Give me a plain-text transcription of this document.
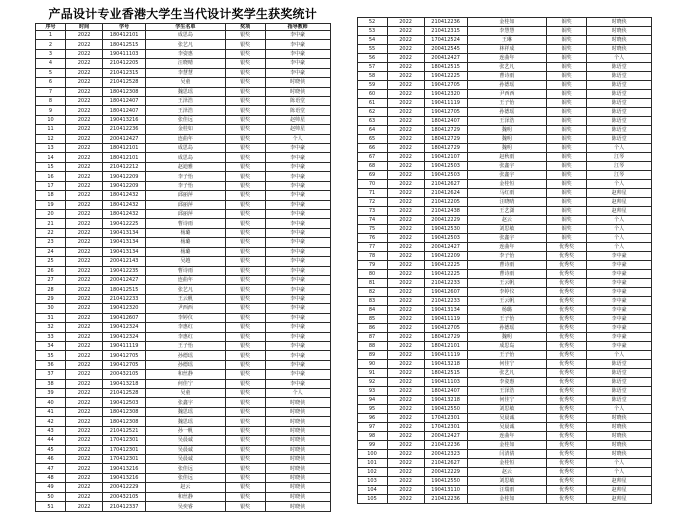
产品设计专业香港大学生当代设计奖学生获奖统计
序号	时间	学号	学生名单	奖项	指导教师
1	2022	180412101	成思岛	银奖	李中豪
2	2022	180412515	张艺凡	银奖	李中豪
3	2022	190411103	李姿惠	银奖	李中豪
4	2022	210412205	汪晓晴	银奖	李中豪
5	2022	210412315	李慧慧	银奖	李中豪
6	2022	210412528	吴童	银奖	时晓侠
7	2022	180412308	魏思瑶	银奖	时晓侠
8	2022	180412407	王泽浩	银奖	陈语堂
9	2022	180412407	王泽浩	银奖	陈语堂
10	2022	190413216	张佳远	银奖	赵帅星
11	2022	210412236	金桂如	银奖	赵帅星
12	2022	200412427	连曲年	银奖	个人
13	2022	180412101	成思岛	银奖	李中豪
14	2022	180412101	成思岛	银奖	李中豪
15	2022	210412212	赵迪雅	银奖	李中豪
16	2022	190412209	李子怡	银奖	李中豪
17	2022	190412209	李子怡	银奖	李中豪
18	2022	180412432	邱丽萍	银奖	李中豪
19	2022	180412432	邱丽萍	银奖	李中豪
20	2022	180412432	邱丽萍	银奖	李中豪
21	2022	190412225	曹诗雨	银奖	李中豪
22	2022	190413134	杨璐	银奖	李中豪
23	2022	190413134	杨璐	银奖	李中豪
24	2022	190413134	杨璐	银奖	李中豪
25	2022	200412143	吴越	银奖	李中豪
26	2022	190412235	曹诗雨	银奖	李中豪
27	2022	200412427	连曲年	银奖	李中豪
28	2022	180412515	张艺凡	银奖	李中豪
29	2022	210412233	王云帆	银奖	李中豪
30	2022	190412320	尹西西	银奖	李中豪
31	2022	190412607	李婷仪	银奖	李中豪
32	2022	190412324	李惠红	银奖	李中豪
33	2022	190412324	李惠红	银奖	李中豪
34	2022	190411119	王子怡	银奖	李中豪
35	2022	190412705	孙德瑶	银奖	李中豪
36	2022	190412705	孙德瑶	银奖	李中豪
37	2022	200432105	和丝静	银奖	李中豪
38	2022	190413218	何佳宁	银奖	李中豪
39	2022	210412528	吴童	银奖	个人
40	2022	190412503	张鑫宇	银奖	时晓侠
41	2022	180412308	魏思瑶	银奖	时晓侠
42	2022	180412308	魏思瑶	银奖	时晓侠
43	2022	210412521	孙一帆	银奖	时晓侠
44	2022	170412301	吴晨诚	银奖	时晓侠
45	2022	170412301	吴晨诚	银奖	时晓侠
46	2022	170412301	吴晨诚	银奖	时晓侠
47	2022	190413216	张佳远	银奖	时晓侠
48	2022	190413216	张佳远	银奖	时晓侠
49	2022	200412229	赵云	银奖	时晓侠
50	2022	200432105	和丝静	银奖	时晓侠
51	2022	210412337	吴奕睿	银奖	时晓侠
52	2022	210412236	金桂如	铜奖	时晓侠
53	2022	210412315	李慧慧	铜奖	时晓侠
54	2022	170412524	王琳	铜奖	时晓侠
55	2022	200412545	林祥成	铜奖	时晓侠
56	2022	200412427	连曲年	铜奖	个人
57	2022	180412515	张艺凡	铜奖	陈语堂
58	2022	190412225	曹诗雨	铜奖	陈语堂
59	2022	190412705	孙德瑶	铜奖	陈语堂
60	2022	190412320	尹西西	铜奖	陈语堂
61	2022	190411119	王子怡	铜奖	陈语堂
62	2022	190412705	孙德瑶	铜奖	陈语堂
63	2022	180412407	王泽浩	铜奖	陈语堂
64	2022	180412729	魏明	铜奖	陈语堂
65	2022	180412729	魏明	铜奖	陈语堂
66	2022	180412729	魏明	铜奖	个人
67	2022	190412107	赵秋雨	铜奖	江琴
68	2022	190412503	张鑫宇	铜奖	江琴
69	2022	190412503	张鑫宇	铜奖	江琴
70	2022	210412627	金桂恒	铜奖	个人
71	2022	210412624	马红雨	铜奖	赵帅星
72	2022	210412205	汪晓晴	铜奖	赵帅星
73	2022	210412438	王艺潇	铜奖	赵帅星
74	2022	200412229	赵云	铜奖	个人
75	2022	190412530	刘思敏	铜奖	个人
76	2022	190412503	张鑫宇	铜奖	个人
77	2022	200412427	连曲年	优秀奖	个人
78	2022	190412209	李子怡	优秀奖	李中豪
79	2022	190412225	曹诗雨	优秀奖	李中豪
80	2022	190412225	曹诗雨	优秀奖	李中豪
81	2022	210412233	王云帆	优秀奖	李中豪
82	2022	190412607	李婷仪	优秀奖	李中豪
83	2022	210412233	王云帆	优秀奖	李中豪
84	2022	190413134	杨璐	优秀奖	李中豪
85	2022	190411119	王子怡	优秀奖	李中豪
86	2022	190412705	孙德瑶	优秀奖	李中豪
87	2022	180412729	魏明	优秀奖	李中豪
88	2022	180412101	成思岛	优秀奖	李中豪
89	2022	190411119	王子怡	优秀奖	个人
90	2022	190413218	何佳宁	优秀奖	陈语堂
91	2022	180412515	张艺凡	优秀奖	陈语堂
92	2022	190411103	李姿惠	优秀奖	陈语堂
93	2022	180412407	王泽浩	优秀奖	陈语堂
94	2022	190413218	何佳宁	优秀奖	陈语堂
95	2022	190412550	刘思敏	优秀奖	个人
96	2022	170412301	吴晨诚	优秀奖	时晓侠
97	2022	170412301	吴晨诚	优秀奖	时晓侠
98	2022	200412427	连曲年	优秀奖	时晓侠
99	2022	210412236	金桂如	优秀奖	时晓侠
100	2022	200412323	闫清倩	优秀奖	时晓侠
101	2022	210412627	金桂恒	优秀奖	个人
102	2022	200412229	赵云	优秀奖	个人
103	2022	190412550	刘思敏	优秀奖	赵帅星
104	2022	190413110	汪瑞雨	优秀奖	赵帅星
105	2022	210412236	金桂如	优秀奖	赵帅星
